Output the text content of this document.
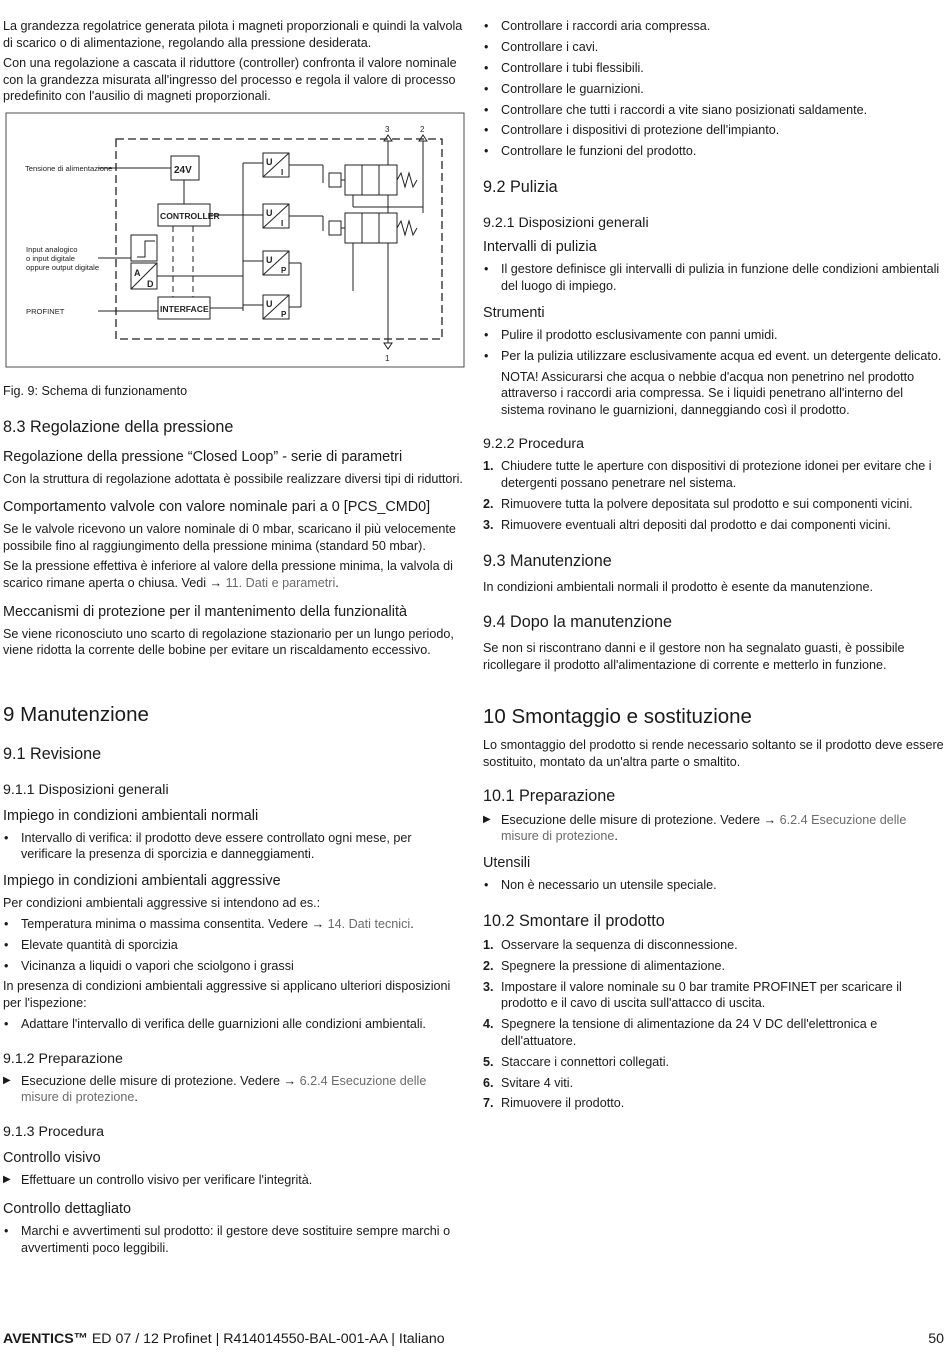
La grandezza regolatrice generata pilota i magneti proporzionali e quindi la valvola di scarico o di alimentazione, regolando alla pressione desiderata.

Con una regolazione a cascata il riduttore (controller) confronta il valore nominale con la grandezza misurata all'ingresso del processo e regola il valore di processo predefinito con l'ausilio di magneti proporzionali.

Tensione di alimentazione
Input analogico
o input digitale
oppure output digitale
PROFINET
24V
CONTROLLER
INTERFACE
A
D
U
I
U
I
U
P
U
P
1
2
3

Fig. 9: Schema di funzionamento

8.3 Regolazione della pressione
Regolazione della pressione “Closed Loop” - serie di parametri

Con la struttura di regolazione adottata è possibile realizzare diversi tipi di riduttori.

Comportamento valvole con valore nominale pari a 0 [PCS_CMD0]

Se le valvole ricevono un valore nominale di 0 mbar, scaricano il più velocemente possibile fino al raggiungimento della pressione minima (standard 50 mbar).

Se la pressione effettiva è inferiore al valore della pressione minima, la valvola di scarico rimane aperta o chiusa. Vedi → 11. Dati e parametri.

Meccanismi di protezione per il mantenimento della funzionalità

Se viene riconosciuto uno scarto di regolazione stazionario per un lungo periodo, viene ridotta la corrente delle bobine per evitare un riscaldamento eccessivo.

9 Manutenzione
9.1 Revisione
9.1.1 Disposizioni generali
Impiego in condizioni ambientali normali
• Intervallo di verifica: il prodotto deve essere controllato ogni mese, per verificare la presenza di sporcizia e danneggiamenti.
Impiego in condizioni ambientali aggressive

Per condizioni ambientali aggressive si intendono ad es.:

• Temperatura minima o massima consentita. Vedere → 14. Dati tecnici.
• Elevate quantità di sporcizia
• Vicinanza a liquidi o vapori che sciolgono i grassi

In presenza di condizioni ambientali aggressive si applicano ulteriori disposizioni per l'ispezione:

• Adattare l'intervallo di verifica delle guarnizioni alle condizioni ambientali.
9.1.2 Preparazione
▶ Esecuzione delle misure di protezione. Vedere → 6.2.4 Esecuzione delle misure di protezione.
9.1.3 Procedura
Controllo visivo
▶ Effettuare un controllo visivo per verificare l'integrità.
Controllo dettagliato
• Marchi e avvertimenti sul prodotto: il gestore deve sostituire sempre marchi o avvertimenti poco leggibili.
• Controllare i raccordi aria compressa.
• Controllare i cavi.
• Controllare i tubi flessibili.
• Controllare le guarnizioni.
• Controllare che tutti i raccordi a vite siano posizionati saldamente.
• Controllare i dispositivi di protezione dell'impianto.
• Controllare le funzioni del prodotto.
9.2 Pulizia
9.2.1 Disposizioni generali
Intervalli di pulizia
• Il gestore definisce gli intervalli di pulizia in funzione delle condizioni ambientali del luogo di impiego.
Strumenti
• Pulire il prodotto esclusivamente con panni umidi.
• Per la pulizia utilizzare esclusivamente acqua ed event. un detergente delicato.

NOTA! Assicurarsi che acqua o nebbie d'acqua non penetrino nel prodotto attraverso i raccordi aria compressa. Se i liquidi penetrano all'interno del sistema rovinano le guarnizioni, danneggiando così il prodotto.

9.2.2 Procedura
1. Chiudere tutte le aperture con dispositivi di protezione idonei per evitare che i detergenti possano penetrare nel sistema.
2. Rimuovere tutta la polvere depositata sul prodotto e sui componenti vicini.
3. Rimuovere eventuali altri depositi dal prodotto e dai componenti vicini.
9.3 Manutenzione

In condizioni ambientali normali il prodotto è esente da manutenzione.

9.4 Dopo la manutenzione

Se non si riscontrano danni e il gestore non ha segnalato guasti, è possibile ricollegare il prodotto all'alimentazione di corrente e metterlo in funzione.

10 Smontaggio e sostituzione

Lo smontaggio del prodotto si rende necessario soltanto se il prodotto deve essere sostituito, montato da un'altra parte o smaltito.

10.1 Preparazione
▶ Esecuzione delle misure di protezione. Vedere → 6.2.4 Esecuzione delle misure di protezione.
Utensili
• Non è necessario un utensile speciale.
10.2 Smontare il prodotto
1. Osservare la sequenza di disconnessione.
2. Spegnere la pressione di alimentazione.
3. Impostare il valore nominale su 0 bar tramite PROFINET per scaricare il prodotto e il cavo di uscita sull'attacco di uscita.
4. Spegnere la tensione di alimentazione da 24 V DC dell'elettronica e dell'attuatore.
5. Staccare i connettori collegati.
6. Svitare 4 viti.
7. Rimuovere il prodotto.
AVENTICS™ ED 07 / 12 Profinet | R414014550-BAL-001-AA | Italiano	50
